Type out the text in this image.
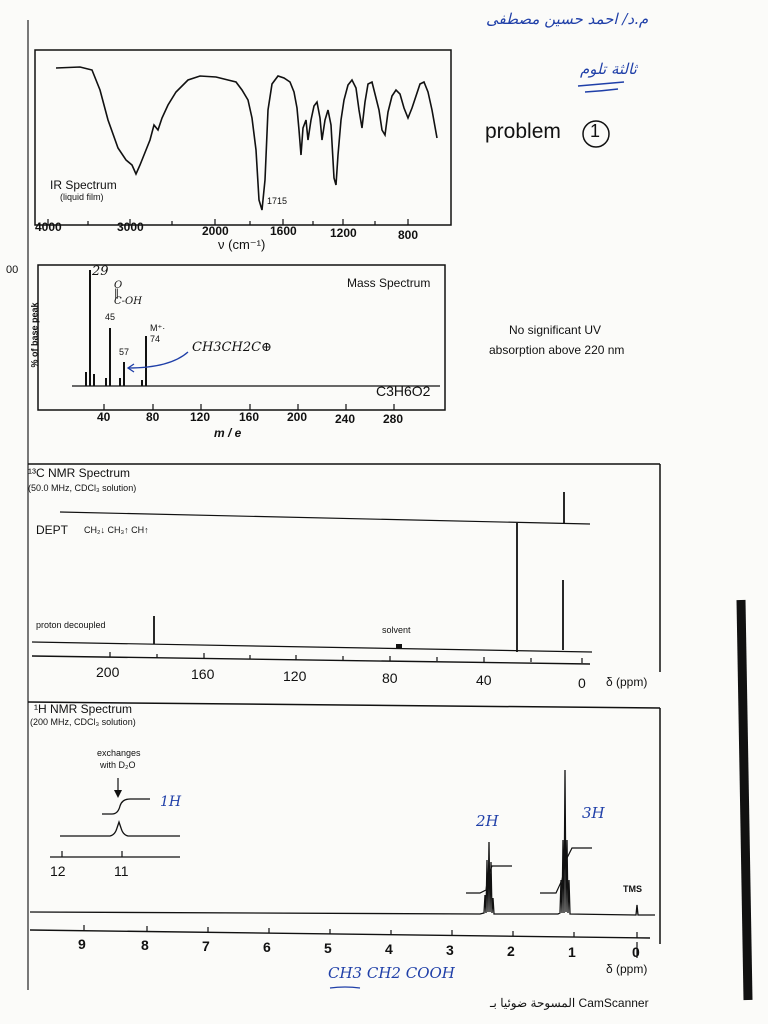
م.د/ احمد حسين مصطفى
ثالثة تلوم
problem 1
IR Spectrum
(liquid film)	1715
4000	3000	2000	1600	1200	800
ν (cm⁻¹)
Mass Spectrum
% of base peak
00	29
45
57
M⁺· 74
O
‖
C-OH
CH3CH2C⊕
C3H6O2
40	80	120 160 200 240 280
m / e
No significant UV
absorption above 220 nm
¹³C NMR Spectrum
(50.0 MHz, CDCl₃ solution)
DEPT CH₂↓ CH₃↑ CH↑
proton decoupled	solvent
200	160	120	80	40	0 δ (ppm)
¹H NMR Spectrum
(200 MHz, CDCl₃ solution)
exchanges
with D₂O
1H
12	11
2H	3H
TMS
9	8	7	6	5	4	3	2	1	0
δ (ppm)
CH3 CH2 COOH
المسوحة ضوئيا بـ CamScanner
